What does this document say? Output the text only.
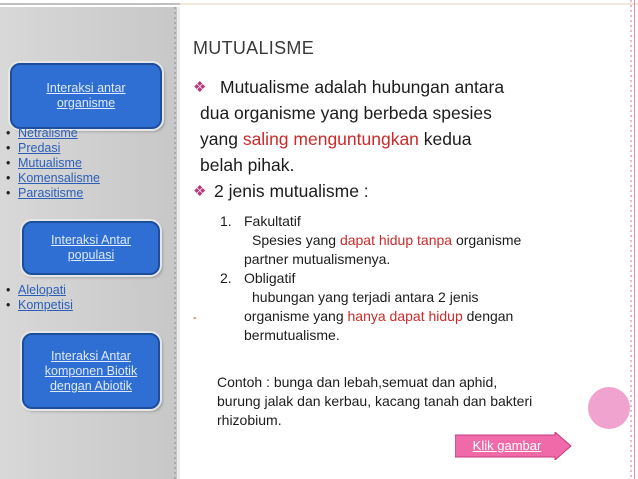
Interaksi antar
organisme
• Netralisme
• Predasi
• Mutualisme
• Komensalisme
• Parasitisme
Interaksi Antar
populasi
• Alelopati
• Kompetisi
Interaksi Antar
komponen Biotik
dengan Abiotik
MUTUALISME
❖ Mutualisme adalah hubungan antara
dua organisme yang berbeda spesies
yang saling menguntungkan kedua
belah pihak.
❖ 2 jenis mutualisme :
1. Fakultatif
Spesies yang dapat hidup tanpa organisme
partner mutualismenya.
2. Obligatif
hubungan yang terjadi antara 2 jenis
organisme yang hanya dapat hidup dengan
bermutualisme.
-
Contoh : bunga dan lebah,semuat dan aphid,
burung jalak dan kerbau, kacang tanah dan bakteri
rhizobium.
Klik gambar
